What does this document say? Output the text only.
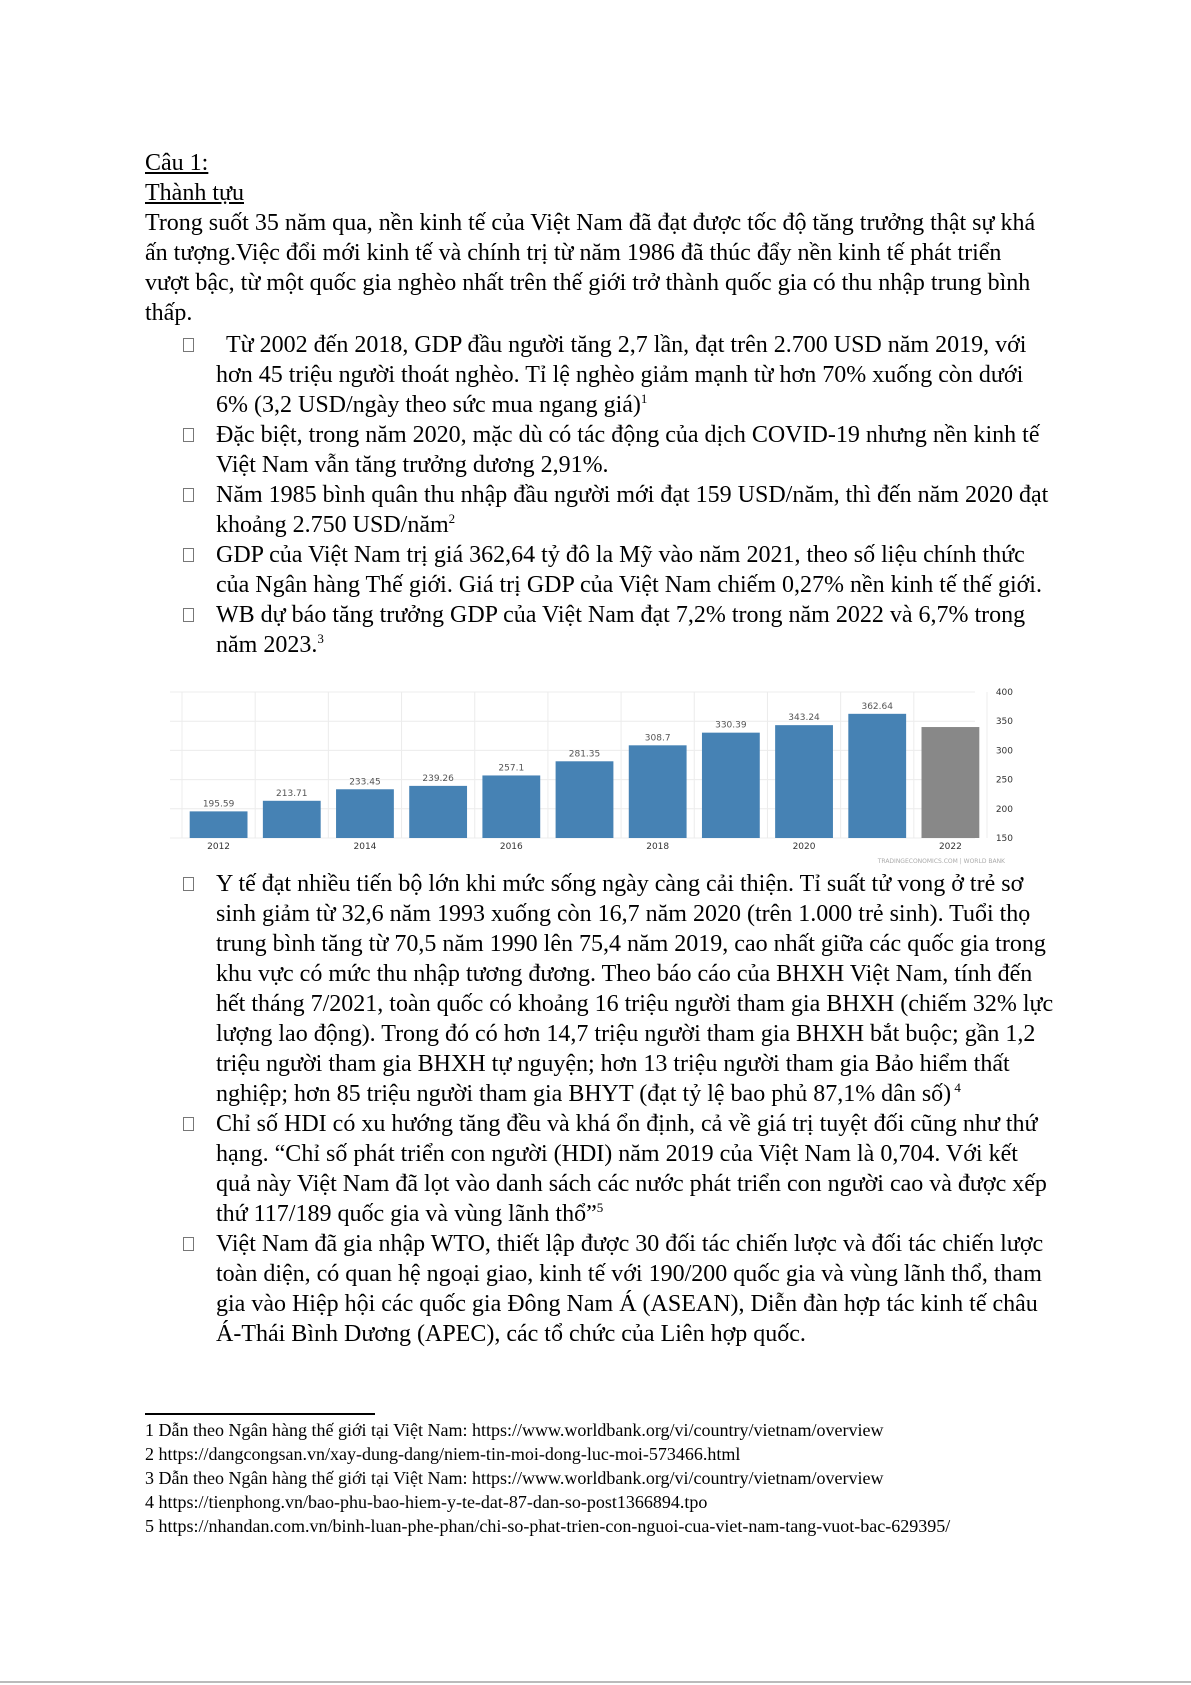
Câu 1:
Thành tựu
Trong suốt 35 năm qua, nền kinh tế của Việt Nam đã đạt được tốc độ tăng trưởng thật sự khá ấn tượng.Việc đổi mới kinh tế và chính trị từ năm 1986 đã thúc đẩy nền kinh tế phát triển vượt bậc, từ một quốc gia nghèo nhất trên thế giới trở thành quốc gia có thu nhập trung bình thấp.
Từ 2002 đến 2018, GDP đầu người tăng 2,7 lần, đạt trên 2.700 USD năm 2019, với hơn 45 triệu người thoát nghèo. Tỉ lệ nghèo giảm mạnh từ hơn 70% xuống còn dưới 6% (3,2 USD/ngày theo sức mua ngang giá)$^1$
Đặc biệt, trong năm 2020, mặc dù có tác động của dịch COVID-19 nhưng nền kinh tế Việt Nam vẫn tăng trưởng dương 2,91%.
Năm 1985 bình quân thu nhập đầu người mới đạt 159 USD/năm, thì đến năm 2020 đạt khoảng 2.750 USD/năm$^2$
GDP của Việt Nam trị giá 362,64 tỷ đô la Mỹ vào năm 2021, theo số liệu chính thức của Ngân hàng Thế giới. Giá trị GDP của Việt Nam chiếm 0,27% nền kinh tế thế giới.
WB dự báo tăng trưởng GDP của Việt Nam đạt 7,2% trong năm 2022 và 6,7% trong năm 2023.$^3$
150
200
250
300
350
400
195.59
2012
213.71
233.45
2014
239.26
257.1
2016
281.35
308.7
2018
330.39
343.24
2020
362.64
2022
TRADINGECONOMICS.COM | WORLD BANK
Y tế đạt nhiều tiến bộ lớn khi mức sống ngày càng cải thiện. Tỉ suất tử vong ở trẻ sơ sinh giảm từ 32,6 năm 1993 xuống còn 16,7 năm 2020 (trên 1.000 trẻ sinh). Tuổi thọ trung bình tăng từ 70,5 năm 1990 lên 75,4 năm 2019, cao nhất giữa các quốc gia trong khu vực có mức thu nhập tương đương. Theo báo cáo của BHXH Việt Nam, tính đến hết tháng 7/2021, toàn quốc có khoảng 16 triệu người tham gia BHXH (chiếm 32% lực lượng lao động). Trong đó có hơn 14,7 triệu người tham gia BHXH bắt buộc; gần 1,2 triệu người tham gia BHXH tự nguyện; hơn 13 triệu người tham gia Bảo hiểm thất nghiệp; hơn 85 triệu người tham gia BHYT (đạt tỷ lệ bao phủ 87,1% dân số) $^4$
Chỉ số HDI có xu hướng tăng đều và khá ổn định, cả về giá trị tuyệt đối cũng như thứ hạng. “Chỉ số phát triển con người (HDI) năm 2019 của Việt Nam là 0,704. Với kết quả này Việt Nam đã lọt vào danh sách các nước phát triển con người cao và được xếp thứ 117/189 quốc gia và vùng lãnh thổ”$^5$
Việt Nam đã gia nhập WTO, thiết lập được 30 đối tác chiến lược và đối tác chiến lược toàn diện, có quan hệ ngoại giao, kinh tế với 190/200 quốc gia và vùng lãnh thổ, tham gia vào Hiệp hội các quốc gia Đông Nam Á (ASEAN), Diễn đàn hợp tác kinh tế châu Á-Thái Bình Dương (APEC), các tổ chức của Liên hợp quốc.
1 Dẫn theo Ngân hàng thế giới tại Việt Nam: https://www.worldbank.org/vi/country/vietnam/overview
2 https://dangcongsan.vn/xay-dung-dang/niem-tin-moi-dong-luc-moi-573466.html
3 Dẫn theo Ngân hàng thế giới tại Việt Nam: https://www.worldbank.org/vi/country/vietnam/overview
4 https://tienphong.vn/bao-phu-bao-hiem-y-te-dat-87-dan-so-post1366894.tpo
5 https://nhandan.com.vn/binh-luan-phe-phan/chi-so-phat-trien-con-nguoi-cua-viet-nam-tang-vuot-bac-629395/
